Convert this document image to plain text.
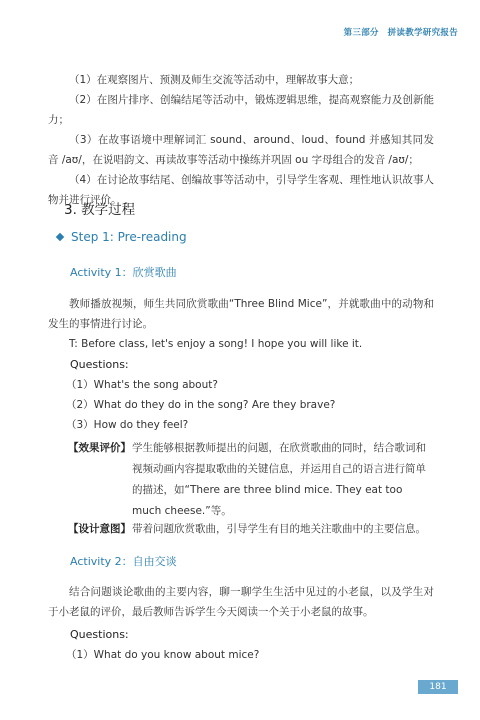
第三部分　拼读教学研究报告

（1）在观察图片、预测及师生交流等活动中，理解故事大意；

（2）在图片排序、创编结尾等活动中，锻炼逻辑思维，提高观察能力及创新能力；

（3）在故事语境中理解词汇 sound、around、loud、found 并感知其同发音 /aʊ/，在说唱韵文、再读故事等活动中操练并巩固 ou 字母组合的发音 /aʊ/；

（4）在讨论故事结尾、创编故事等活动中，引导学生客观、理性地认识故事人物并进行评价。

3. 教学过程
Step 1: Pre-reading
Activity 1：欣赏歌曲

教师播放视频，师生共同欣赏歌曲“Three Blind Mice”，并就歌曲中的动物和发生的事情进行讨论。

T: Before class, let's enjoy a song! I hope you will like it.

Questions:

（1）What's the song about?

（2）What do they do in the song? Are they brave?

（3）How do they feel?

【效果评价】 学生能够根据教师提出的问题，在欣赏歌曲的同时，结合歌词和视频动画内容提取歌曲的关键信息，并运用自己的语言进行简单的描述，如“There are three blind mice. They eat too much cheese.”等。
【设计意图】 带着问题欣赏歌曲，引导学生有目的地关注歌曲中的主要信息。
Activity 2：自由交谈

结合问题谈论歌曲的主要内容，聊一聊学生生活中见过的小老鼠，以及学生对于小老鼠的评价，最后教师告诉学生今天阅读一个关于小老鼠的故事。

Questions:

（1）What do you know about mice?

181
